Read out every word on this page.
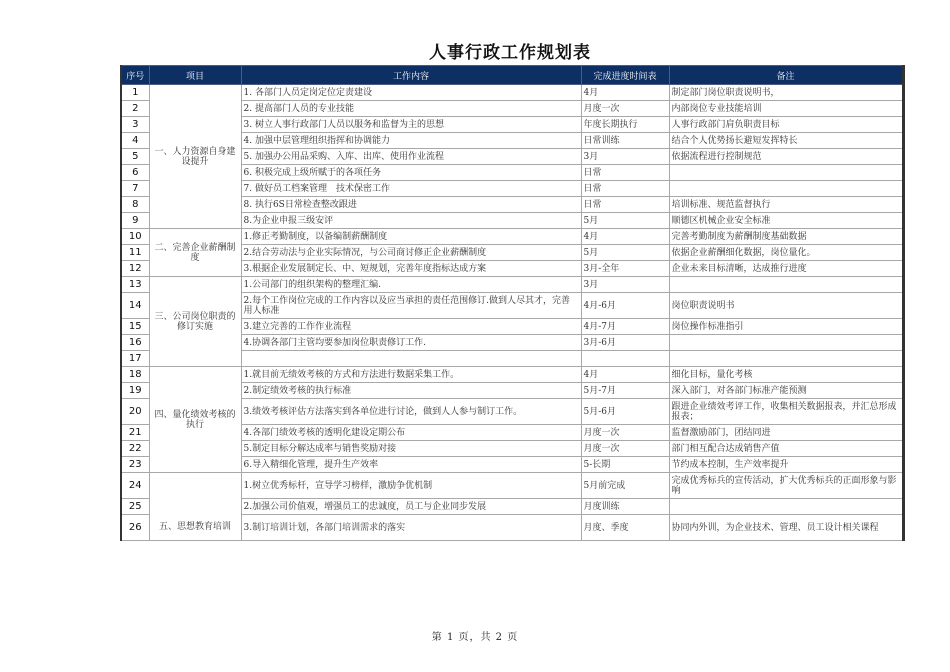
人事行政工作规划表
序号	项目	工作内容	完成进度时间表	备注
1	一、人力资源自身建设提升	1. 各部门人员定岗定位定责建设	4月	制定部门岗位职责说明书，
2		2. 提高部门人员的专业技能	月度一次	内部岗位专业技能培训
3		3. 树立人事行政部门人员以服务和监督为主的思想	年度长期执行	人事行政部门肩负职责目标
4		4. 加强中层管理组织指挥和协调能力	日常训练	结合个人优势扬长避短发挥特长
5		5. 加强办公用品采购、入库、出库、使用作业流程	3月	依据流程进行控制规范
6		6. 积极完成上级所赋于的各项任务	日常	
7		7. 做好员工档案管理　技术保密工作	日常	
8		8. 执行6S日常检查整改跟进	日常	培训标准、规范监督执行
9		8.为企业申报三级安评	5月	顺德区机械企业安全标准
10	二、完善企业薪酬制度	1.修正考勤制度，以备编制薪酬制度	4月	完善考勤制度为薪酬制度基础数据
11		2.结合劳动法与企业实际情况，与公司商讨修正企业薪酬制度	5月	依据企业薪酬细化数据，岗位量化。
12		3.根据企业发展制定长、中、短规划，完善年度指标达成方案	3月-全年	企业未来目标清晰，达成推行进度
13	三、公司岗位职责的修订实施	1.公司部门的组织架构的整理汇编.	3月	
14		2.每个工作岗位完成的工作内容以及应当承担的责任范围修订.做到人尽其才，完善用人标准	4月-6月	岗位职责说明书
15		3.建立完善的工作作业流程	4月-7月	岗位操作标准指引
16		4.协调各部门主管均要参加岗位职责修订工作.	3月-6月	
17				
18	四、量化绩效考核的执行	1.就目前无绩效考核的方式和方法进行数据采集工作。	4月	细化目标，量化考核
19		2.制定绩效考核的执行标准	5月-7月	深入部门，对各部门标准产能预测
20		3.绩效考核评估方法落实到各单位进行讨论，做到人人参与制订工作。	5月-6月	跟进企业绩效考评工作，收集相关数据报表，并汇总形成报表；
21		4.各部门绩效考核的透明化建设定期公布	月度一次	监督激励部门，团结同进
22		5.制定目标分解达成率与销售奖励对接	月度一次	部门相互配合达成销售产值
23		6.导入精细化管理，提升生产效率	5-长期	节约成本控制，生产效率提升
24	五、思想教育培训	1.树立优秀标杆，宣导学习榜样，激励争优机制	5月前完成	完成优秀标兵的宣传活动，扩大优秀标兵的正面形象与影响
25		2.加强公司价值观，增强员工的忠诚度，员工与企业同步发展	月度训练	
26		3.制订培训计划，各部门培训需求的落实	月度、季度	协同内外训，为企业技术、管理、员工设计相关课程
第 1 页，共 2 页
